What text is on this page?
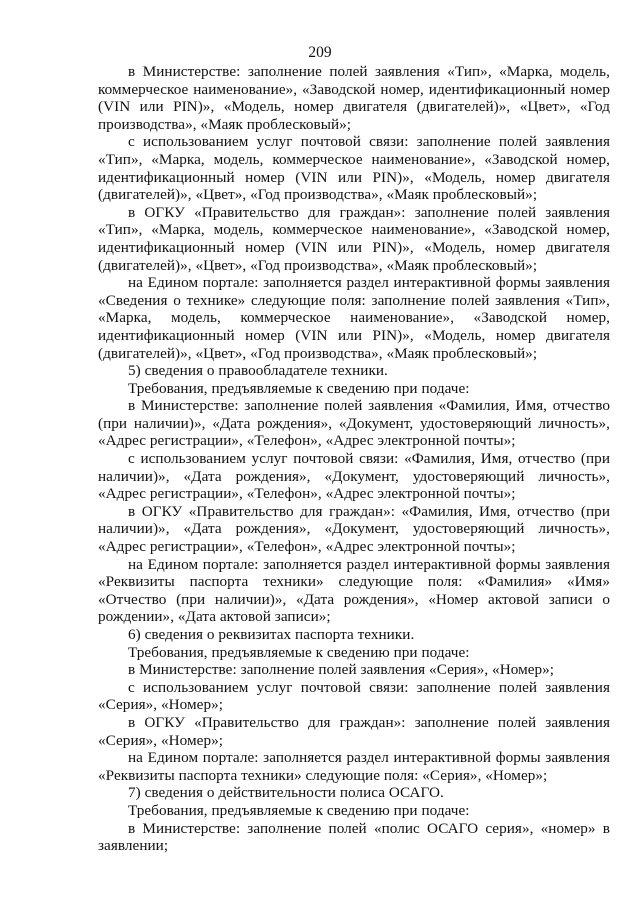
209

в Министерстве: заполнение полей заявления «Тип», «Марка, модель, коммерческое наименование», «Заводской номер, идентификационный номер (VIN или PIN)», «Модель, номер двигателя (двигателей)», «Цвет», «Год производства», «Маяк проблесковый»;

с использованием услуг почтовой связи: заполнение полей заявления «Тип», «Марка, модель, коммерческое наименование», «Заводской номер, идентификационный номер (VIN или PIN)», «Модель, номер двигателя (двигателей)», «Цвет», «Год производства», «Маяк проблесковый»;

в ОГКУ «Правительство для граждан»: заполнение полей заявления «Тип», «Марка, модель, коммерческое наименование», «Заводской номер, идентификационный номер (VIN или PIN)», «Модель, номер двигателя (двигателей)», «Цвет», «Год производства», «Маяк проблесковый»;

на Едином портале: заполняется раздел интерактивной формы заявления «Сведения о технике» следующие поля: заполнение полей заявления «Тип», «Марка, модель, коммерческое наименование», «Заводской номер, идентификационный номер (VIN или PIN)», «Модель, номер двигателя (двигателей)», «Цвет», «Год производства», «Маяк проблесковый»;

5) сведения о правообладателе техники.

Требования, предъявляемые к сведению при подаче:

в Министерстве: заполнение полей заявления «Фамилия, Имя, отчество (при наличии)», «Дата рождения», «Документ, удостоверяющий личность», «Адрес регистрации», «Телефон», «Адрес электронной почты»;

с использованием услуг почтовой связи: «Фамилия, Имя, отчество (при наличии)», «Дата рождения», «Документ, удостоверяющий личность», «Адрес регистрации», «Телефон», «Адрес электронной почты»;

в ОГКУ «Правительство для граждан»: «Фамилия, Имя, отчество (при наличии)», «Дата рождения», «Документ, удостоверяющий личность», «Адрес регистрации», «Телефон», «Адрес электронной почты»;

на Едином портале: заполняется раздел интерактивной формы заявления «Реквизиты паспорта техники» следующие поля: «Фамилия» «Имя» «Отчество (при наличии)», «Дата рождения», «Номер актовой записи о рождении», «Дата актовой записи»;

6) сведения о реквизитах паспорта техники.

Требования, предъявляемые к сведению при подаче:

в Министерстве: заполнение полей заявления «Серия», «Номер»;

с использованием услуг почтовой связи: заполнение полей заявления «Серия», «Номер»;

в ОГКУ «Правительство для граждан»: заполнение полей заявления «Серия», «Номер»;

на Едином портале: заполняется раздел интерактивной формы заявления «Реквизиты паспорта техники» следующие поля: «Серия», «Номер»;

7) сведения о действительности полиса ОСАГО.

Требования, предъявляемые к сведению при подаче:

в Министерстве: заполнение полей «полис ОСАГО серия», «номер» в заявлении;
